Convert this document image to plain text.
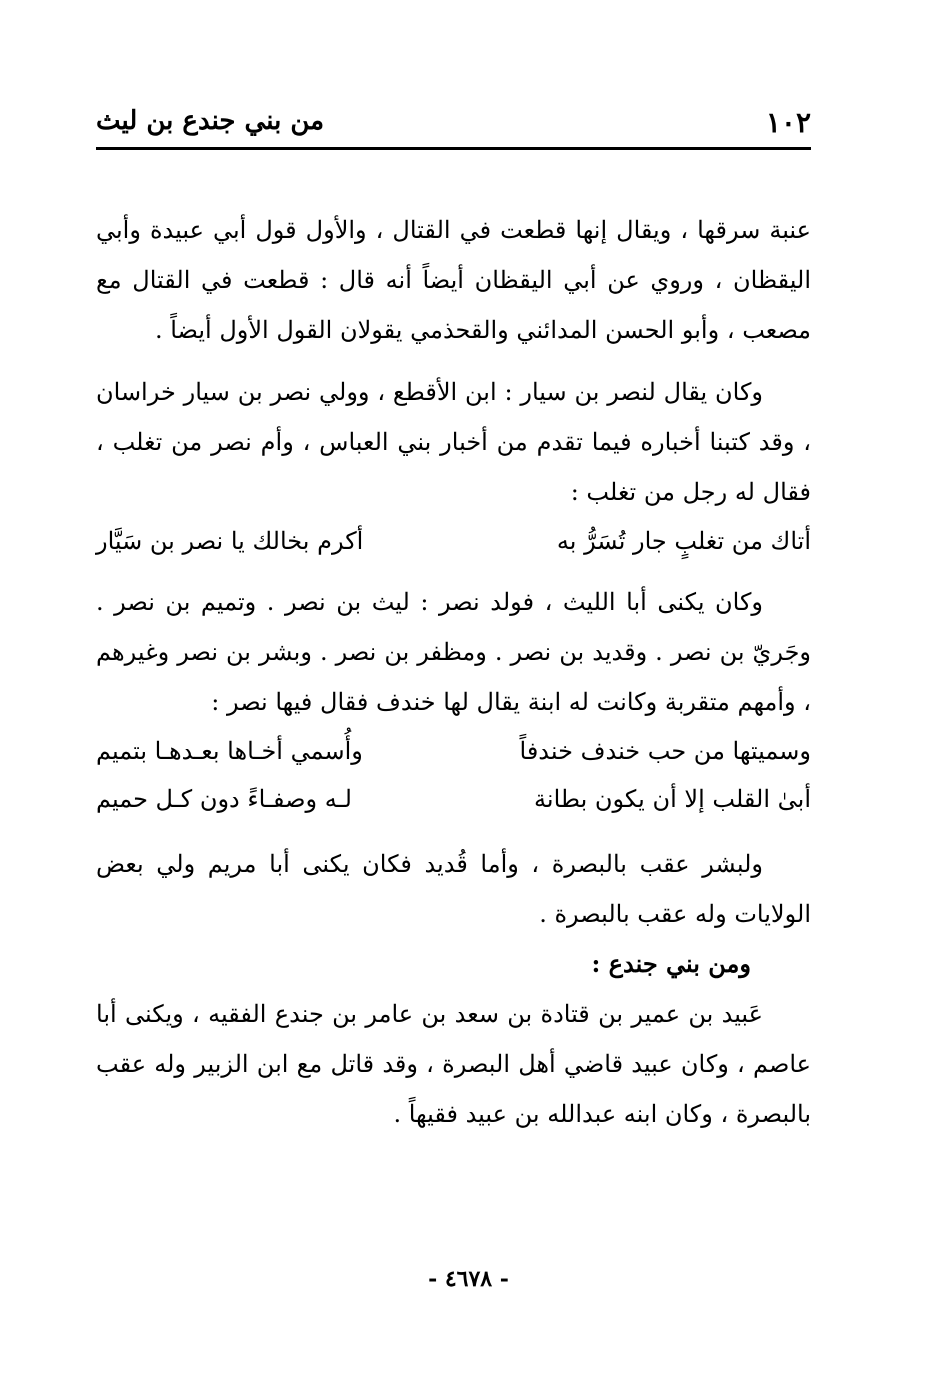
١٠٢
من بني جندع بن ليث

عنبة سرقها ، ويقال إنها قطعت في القتال ، والأول قول أبي عبيدة وأبي اليقظان ، وروي عن أبي اليقظان أيضاً أنه قال : قطعت في القتال مع مصعب ، وأبو الحسن المدائني والقحذمي يقولان القول الأول أيضاً .

وكان يقال لنصر بن سيار : ابن الأقطع ، وولي نصر بن سيار خراسان ، وقد كتبنا أخباره فيما تقدم من أخبار بني العباس ، وأم نصر من تغلب ، فقال له رجل من تغلب :

أتاك من تغلبٍ جار تُسَرُّ به
أكرم بخالك يا نصر بن سَيَّار

وكان يكنى أبا الليث ، فولد نصر : ليث بن نصر . وتميم بن نصر . وجَريّ بن نصر . وقديد بن نصر . ومظفر بن نصر . وبشر بن نصر وغيرهم ، وأمهم متقربة وكانت له ابنة يقال لها خندف فقال فيها نصر :

وسميتها من حب خندف خندفاً
وأُسمي أخـاها بعـدهـا بتميم
أبىٰ القلب إلا أن يكون بطانة
لـه وصفـاءً دون كـل حميم

ولبشر عقب بالبصرة ، وأما قُديد فكان يكنى أبا مريم ولي بعض الولايات وله عقب بالبصرة .

ومن بني جندع :

عَبيد بن عمير بن قتادة بن سعد بن عامر بن جندع الفقيه ، ويكنى أبا عاصم ، وكان عبيد قاضي أهل البصرة ، وقد قاتل مع ابن الزبير وله عقب بالبصرة ، وكان ابنه عبدالله بن عبيد فقيهاً .

- ٤٦٧٨ -
